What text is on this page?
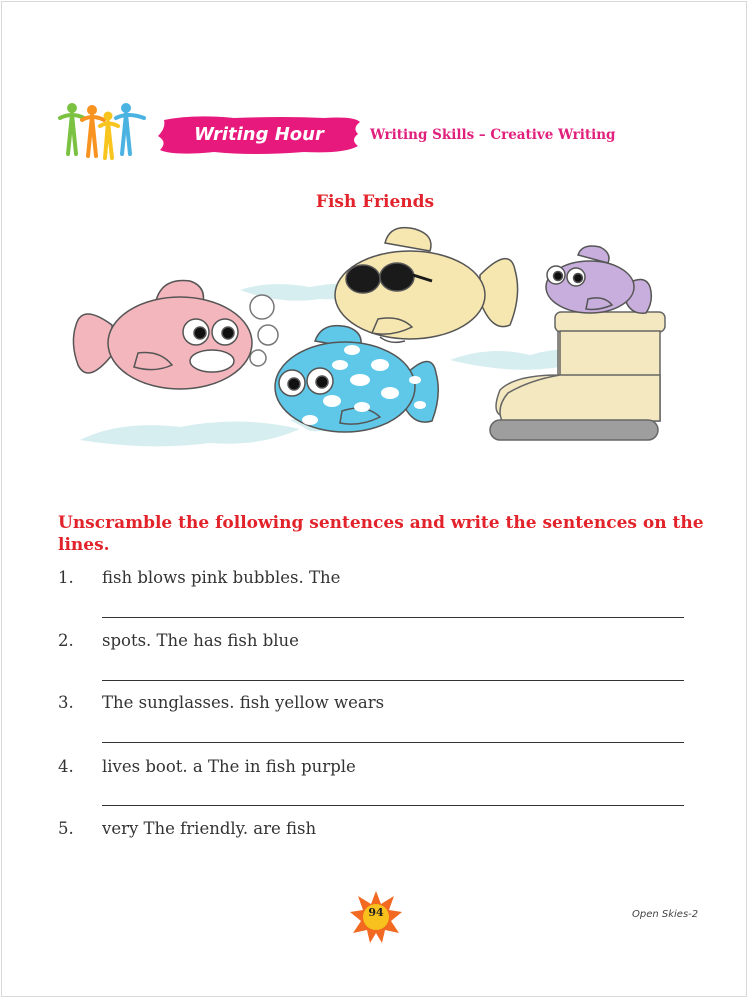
Writing Hour	Writing Skills – Creative Writing
Fish Friends
Unscramble the following sentences and write the sentences on the lines.
1. fish blows pink bubbles. The
2. spots. The has fish blue
3. The sunglasses. fish yellow wears
4. lives boot. a The in fish purple
5. very The friendly. are fish
94	Open Skies-2
